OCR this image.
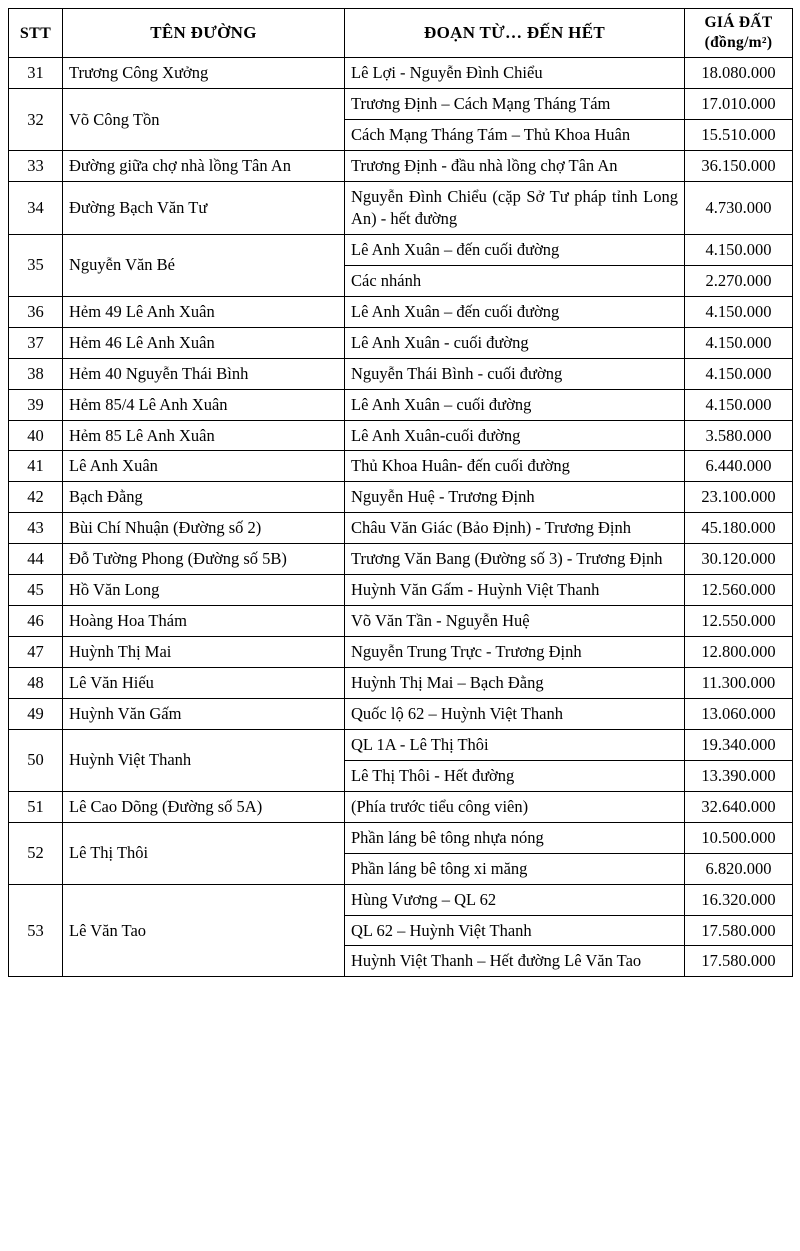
STT	TÊN ĐƯỜNG	ĐOẠN TỪ… ĐẾN HẾT	GIÁ ĐẤT
(đồng/m²)

31	Trương Công Xưởng	Lê Lợi - Nguyễn Đình Chiểu	18.080.000
32	Võ Công Tồn	Trương Định – Cách Mạng Tháng Tám	17.010.000
		Cách Mạng Tháng Tám – Thủ Khoa Huân	15.510.000
33	Đường giữa chợ nhà lồng Tân An	Trương Định - đầu nhà lồng chợ Tân An	36.150.000
34	Đường Bạch Văn Tư	Nguyễn Đình Chiểu (cặp Sở Tư pháp tỉnh Long An) - hết đường	4.730.000
35	Nguyễn Văn Bé	Lê Anh Xuân – đến cuối đường	4.150.000
		Các nhánh	2.270.000
36	Hẻm 49 Lê Anh Xuân	Lê Anh Xuân – đến cuối đường	4.150.000
37	Hẻm 46 Lê Anh Xuân	Lê Anh Xuân - cuối đường	4.150.000
38	Hẻm 40 Nguyễn Thái Bình	Nguyễn Thái Bình - cuối đường	4.150.000
39	Hẻm 85/4 Lê Anh Xuân	Lê Anh Xuân – cuối đường	4.150.000
40	Hẻm 85 Lê Anh Xuân	Lê Anh Xuân-cuối đường	3.580.000
41	Lê Anh Xuân	Thủ Khoa Huân- đến cuối đường	6.440.000
42	Bạch Đằng	Nguyễn Huệ - Trương Định	23.100.000
43	Bùi Chí Nhuận (Đường số 2)	Châu Văn Giác (Bảo Định) - Trương Định	45.180.000
44	Đỗ Tường Phong (Đường số 5B)	Trương Văn Bang (Đường số 3) - Trương Định	30.120.000
45	Hồ Văn Long	Huỳnh Văn Gấm - Huỳnh Việt Thanh	12.560.000
46	Hoàng Hoa Thám	Võ Văn Tần - Nguyễn Huệ	12.550.000
47	Huỳnh Thị Mai	Nguyễn Trung Trực - Trương Định	12.800.000
48	Lê Văn Hiếu	Huỳnh Thị Mai – Bạch Đằng	11.300.000
49	Huỳnh Văn Gấm	Quốc lộ 62 – Huỳnh Việt Thanh	13.060.000
50	Huỳnh Việt Thanh	QL 1A - Lê Thị Thôi	19.340.000
		Lê Thị Thôi - Hết đường	13.390.000
51	Lê Cao Dõng (Đường số 5A)	(Phía trước tiểu công viên)	32.640.000
52	Lê Thị Thôi	Phần láng bê tông nhựa nóng	10.500.000
		Phần láng bê tông xi măng	6.820.000
53	Lê Văn Tao	Hùng Vương – QL 62	16.320.000
		QL 62 – Huỳnh Việt Thanh	17.580.000
		Huỳnh Việt Thanh – Hết đường Lê Văn Tao	17.580.000
